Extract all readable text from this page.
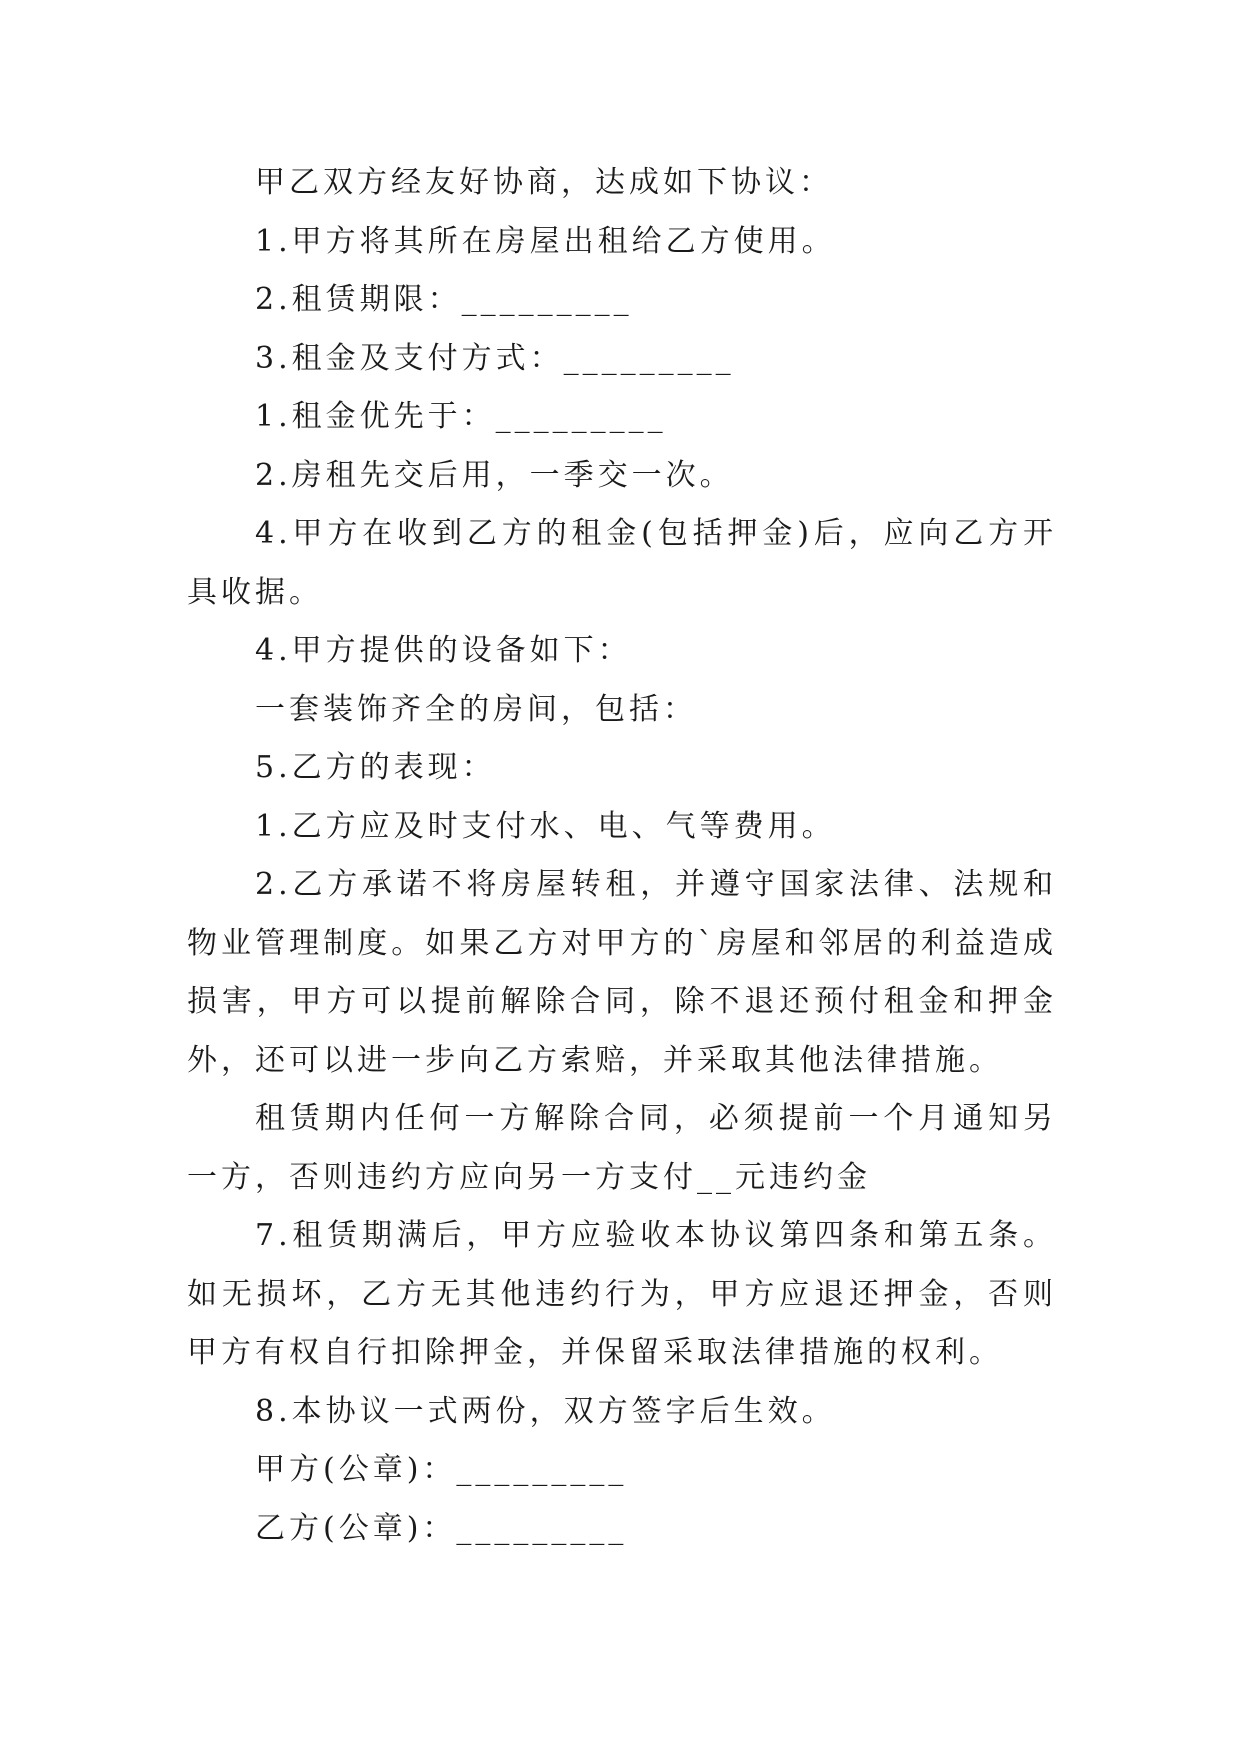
甲乙双方经友好协商，达成如下协议：

1.甲方将其所在房屋出租给乙方使用。

2.租赁期限：_________

3.租金及支付方式：_________

1.租金优先于：_________

2.房租先交后用，一季交一次。

4.甲方在收到乙方的租金(包括押金)后，应向乙方开具收据。

4.甲方提供的设备如下：

一套装饰齐全的房间，包括：

5.乙方的表现：

1.乙方应及时支付水、电、气等费用。

2.乙方承诺不将房屋转租，并遵守国家法律、法规和物业管理制度。如果乙方对甲方的`房屋和邻居的利益造成损害，甲方可以提前解除合同，除不退还预付租金和押金外，还可以进一步向乙方索赔，并采取其他法律措施。

租赁期内任何一方解除合同，必须提前一个月通知另一方，否则违约方应向另一方支付__元违约金

7.租赁期满后，甲方应验收本协议第四条和第五条。如无损坏，乙方无其他违约行为，甲方应退还押金，否则甲方有权自行扣除押金，并保留采取法律措施的权利。

8.本协议一式两份，双方签字后生效。

甲方(公章)：_________

乙方(公章)：_________
